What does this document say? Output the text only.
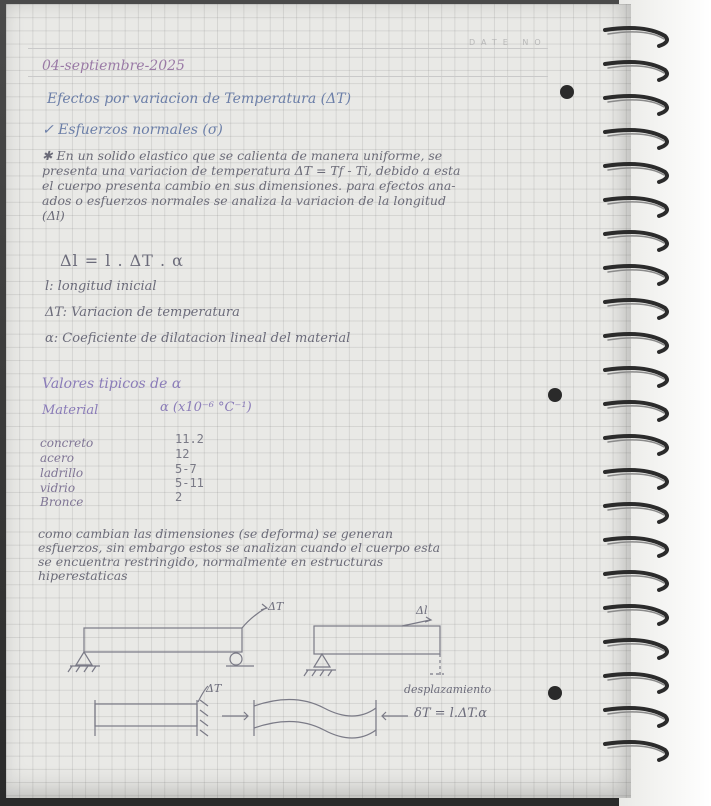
DATE NO
04-septiembre-2025
Efectos por variacion de Temperatura (ΔT)
✓ Esfuerzos normales (σ)
✱ En un solido elastico que se calienta de manera uniforme, se
presenta una variacion de temperatura ΔT = Tf - Ti, debido a esta
el cuerpo presenta cambio en sus dimensiones. para efectos ana-
ados o esfuerzos normales se analiza la variacion de la longitud
(Δl)
Δl = l . ΔT . α
l: longitud inicial
ΔT: Variacion de temperatura
α: Coeficiente de dilatacion lineal del material
Valores tipicos de α
Material	α (x10⁻⁶ °C⁻¹)
concreto	11.2
acero	12
ladrillo	5-7
vidrio	5-11
Bronce	2
como cambian las dimensiones (se deforma) se generan
esfuerzos, sin embargo estos se analizan cuando el cuerpo esta
se encuentra restringido, normalmente en estructuras
hiperestaticas
ΔT	Δl
ΔT	desplazamiento
δT = l.ΔT.α
